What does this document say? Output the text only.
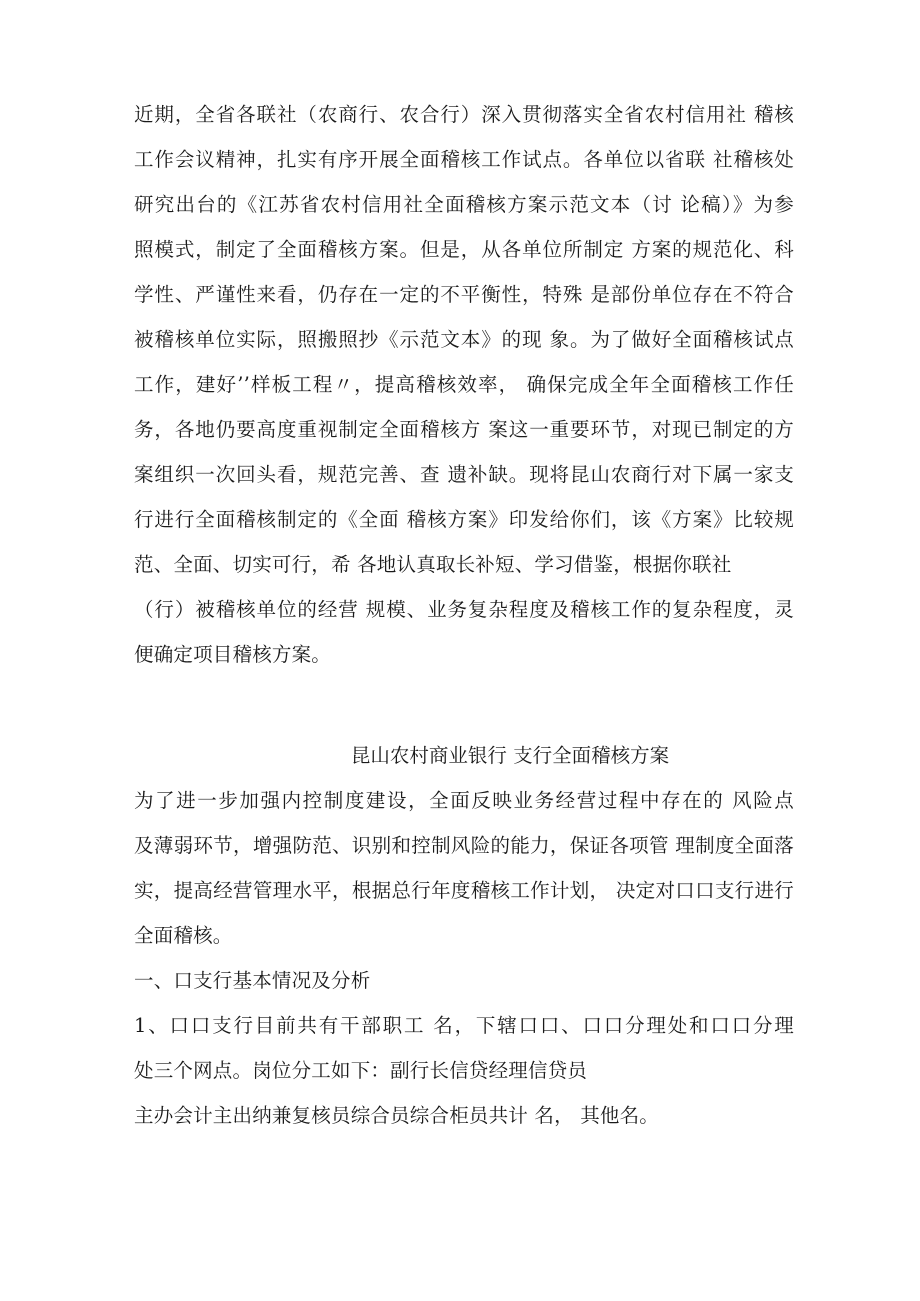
近期，全省各联社（农商行、农合行）深入贯彻落实全省农村信用社 稽核
工作会议精神，扎实有序开展全面稽核工作试点。各单位以省联 社稽核处
研究出台的《江苏省农村信用社全面稽核方案示范文本（讨 论稿）》为参
照模式，制定了全面稽核方案。但是，从各单位所制定 方案的规范化、科
学性、严谨性来看，仍存在一定的不平衡性，特殊 是部份单位存在不符合
被稽核单位实际，照搬照抄《示范文本》的现 象。为了做好全面稽核试点
工作，建好’’样板工程〃，提高稽核效率， 确保完成全年全面稽核工作任
务，各地仍要高度重视制定全面稽核方 案这一重要环节，对现已制定的方
案组织一次回头看，规范完善、查 遗补缺。现将昆山农商行对下属一家支
行进行全面稽核制定的《全面 稽核方案》印发给你们，该《方案》比较规
范、全面、切实可行，希 各地认真取长补短、学习借鉴，根据你联社
（行）被稽核单位的经营 规模、业务复杂程度及稽核工作的复杂程度，灵
便确定项目稽核方案。
昆山农村商业银行 支行全面稽核方案
为了进一步加强内控制度建设，全面反映业务经营过程中存在的 风险点
及薄弱环节，增强防范、识别和控制风险的能力，保证各项管 理制度全面落
实，提高经营管理水平，根据总行年度稽核工作计划， 决定对口口支行进行
全面稽核。
一、口支行基本情况及分析
1、口口支行目前共有干部职工 名，下辖口口、口口分理处和口口分理
处三个网点。岗位分工如下：副行长信贷经理信贷员
主办会计主出纳兼复核员综合员综合柜员共计 名， 其他名。
